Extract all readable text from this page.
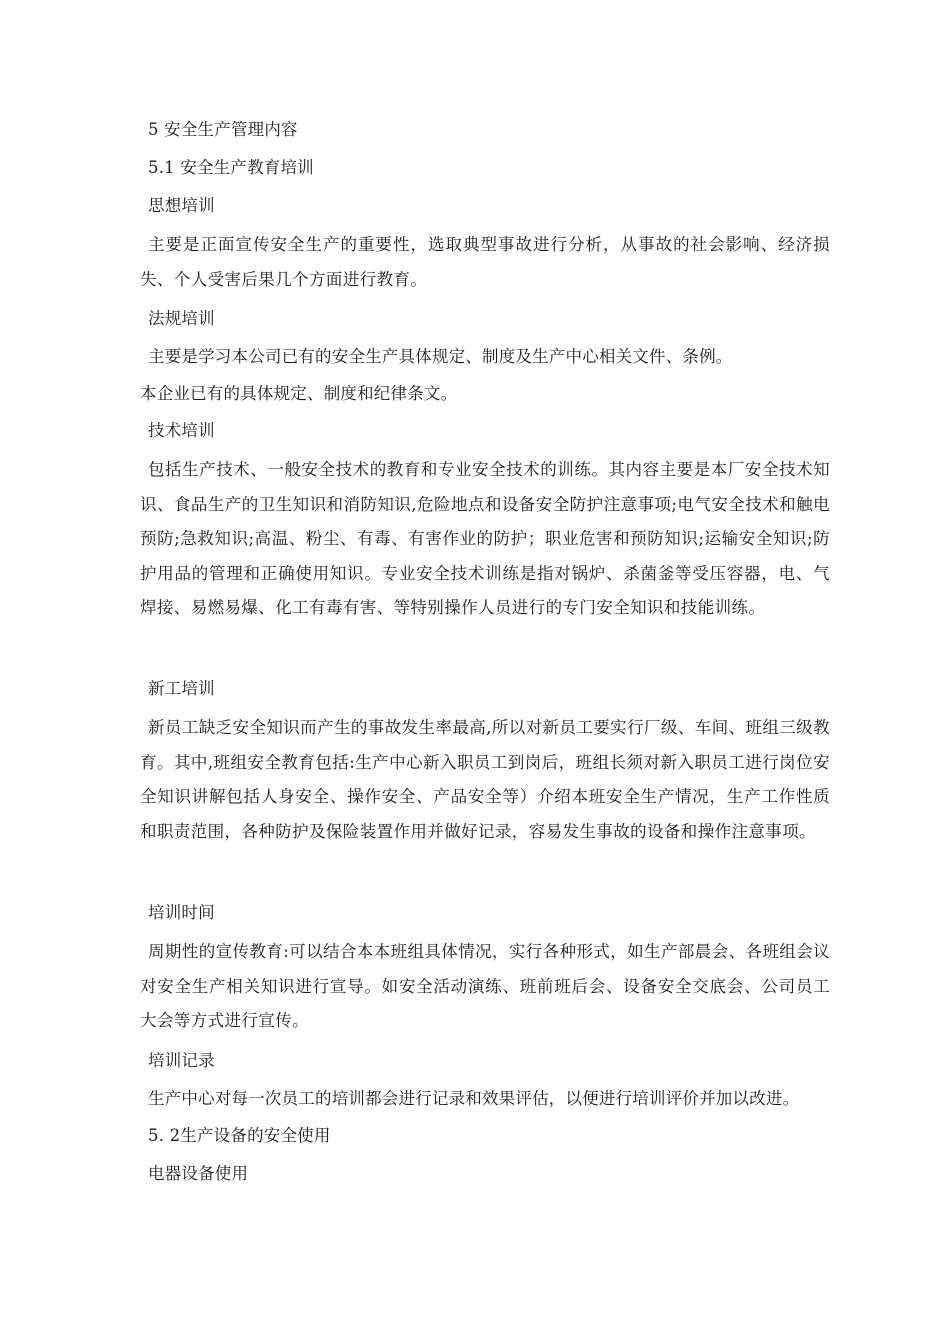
5 安全生产管理内容

5.1 安全生产教育培训

思想培训

主要是正面宣传安全生产的重要性，选取典型事故进行分析，从事故的社会影响、经济损失、个人受害后果几个方面进行教育。

法规培训

主要是学习本公司已有的安全生产具体规定、制度及生产中心相关文件、条例。

本企业已有的具体规定、制度和纪律条文。

技术培训

包括生产技术、一般安全技术的教育和专业安全技术的训练。其内容主要是本厂安全技术知识、食品生产的卫生知识和消防知识,危险地点和设备安全防护注意事项;电气安全技术和触电预防;急救知识;高温、粉尘、有毒、有害作业的防护；职业危害和预防知识;运输安全知识;防护用品的管理和正确使用知识。专业安全技术训练是指对锅炉、杀菌釜等受压容器，电、气焊接、易燃易爆、化工有毒有害、等特别操作人员进行的专门安全知识和技能训练。

新工培训

新员工缺乏安全知识而产生的事故发生率最高,所以对新员工要实行厂级、车间、班组三级教育。其中,班组安全教育包括:生产中心新入职员工到岗后，班组长须对新入职员工进行岗位安全知识讲解包括人身安全、操作安全、产品安全等）介绍本班安全生产情况，生产工作性质和职责范围，各种防护及保险装置作用并做好记录，容易发生事故的设备和操作注意事项。

培训时间

周期性的宣传教育:可以结合本本班组具体情况，实行各种形式，如生产部晨会、各班组会议对安全生产相关知识进行宣导。如安全活动演练、班前班后会、设备安全交底会、公司员工大会等方式进行宣传。

培训记录

生产中心对每一次员工的培训都会进行记录和效果评估，以便进行培训评价并加以改进。

5. 2生产设备的安全使用

电器设备使用
